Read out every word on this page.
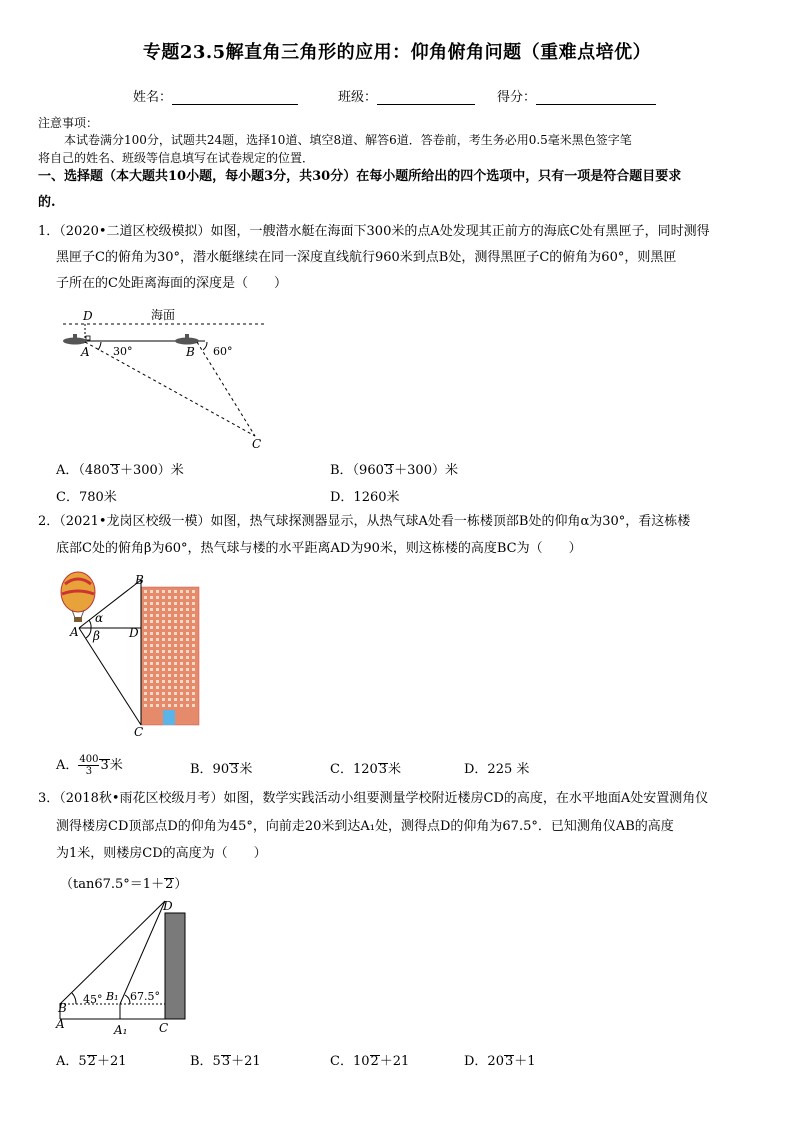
专题23.5解直角三角形的应用：仰角俯角问题（重难点培优）
姓名：	班级：	得分：
注意事项：
本试卷满分100分，试题共24题，选择10道、填空8道、解答6道．答卷前，考生务必用0.5毫米黑色签字笔
将自己的姓名、班级等信息填写在试卷规定的位置．
一、选择题（本大题共10小题，每小题3分，共30分）在每小题所给出的四个选项中，只有一项是符合题目要求
的.
1．（2020•二道区校级模拟）如图，一艘潜水艇在海面下300米的点A处发现其正前方的海底C处有黑匣子，同时测得
黑匣子C的俯角为30°，潜水艇继续在同一深度直线航行960米到点B处，测得黑匣子C的俯角为60°，则黑匣
子所在的C处距离海面的深度是（　　）
D	海面
A 30°	B 60°
C
A．（4803＋300）米	B．（9603＋300）米
C．780米	D．1260米
2．（2021•龙岗区校级一模）如图，热气球探测器显示，从热气球A处看一栋楼顶部B处的仰角α为30°，看这栋楼
底部C处的俯角β为60°，热气球与楼的水平距离AD为90米，则这栋楼的高度BC为（　　）
B
A	D
C
α
β
A． $\frac{400}{3} 3$米	B．903米	C．1203米	D．225 米
3．（2018秋•雨花区校级月考）如图，数学实践活动小组要测量学校附近楼房CD的高度，在水平地面A处安置测角仪
测得楼房CD顶部点D的仰角为45°，向前走20米到达A₁处，测得点D的仰角为67.5°．已知测角仪AB的高度
为1米，则楼房CD的高度为（　　）
（tan67.5°＝1＋2）
D
B
A
B₁
A₁	C
45°	67.5°
A．52＋21	B．53＋21	C．102＋21	D．203＋1
